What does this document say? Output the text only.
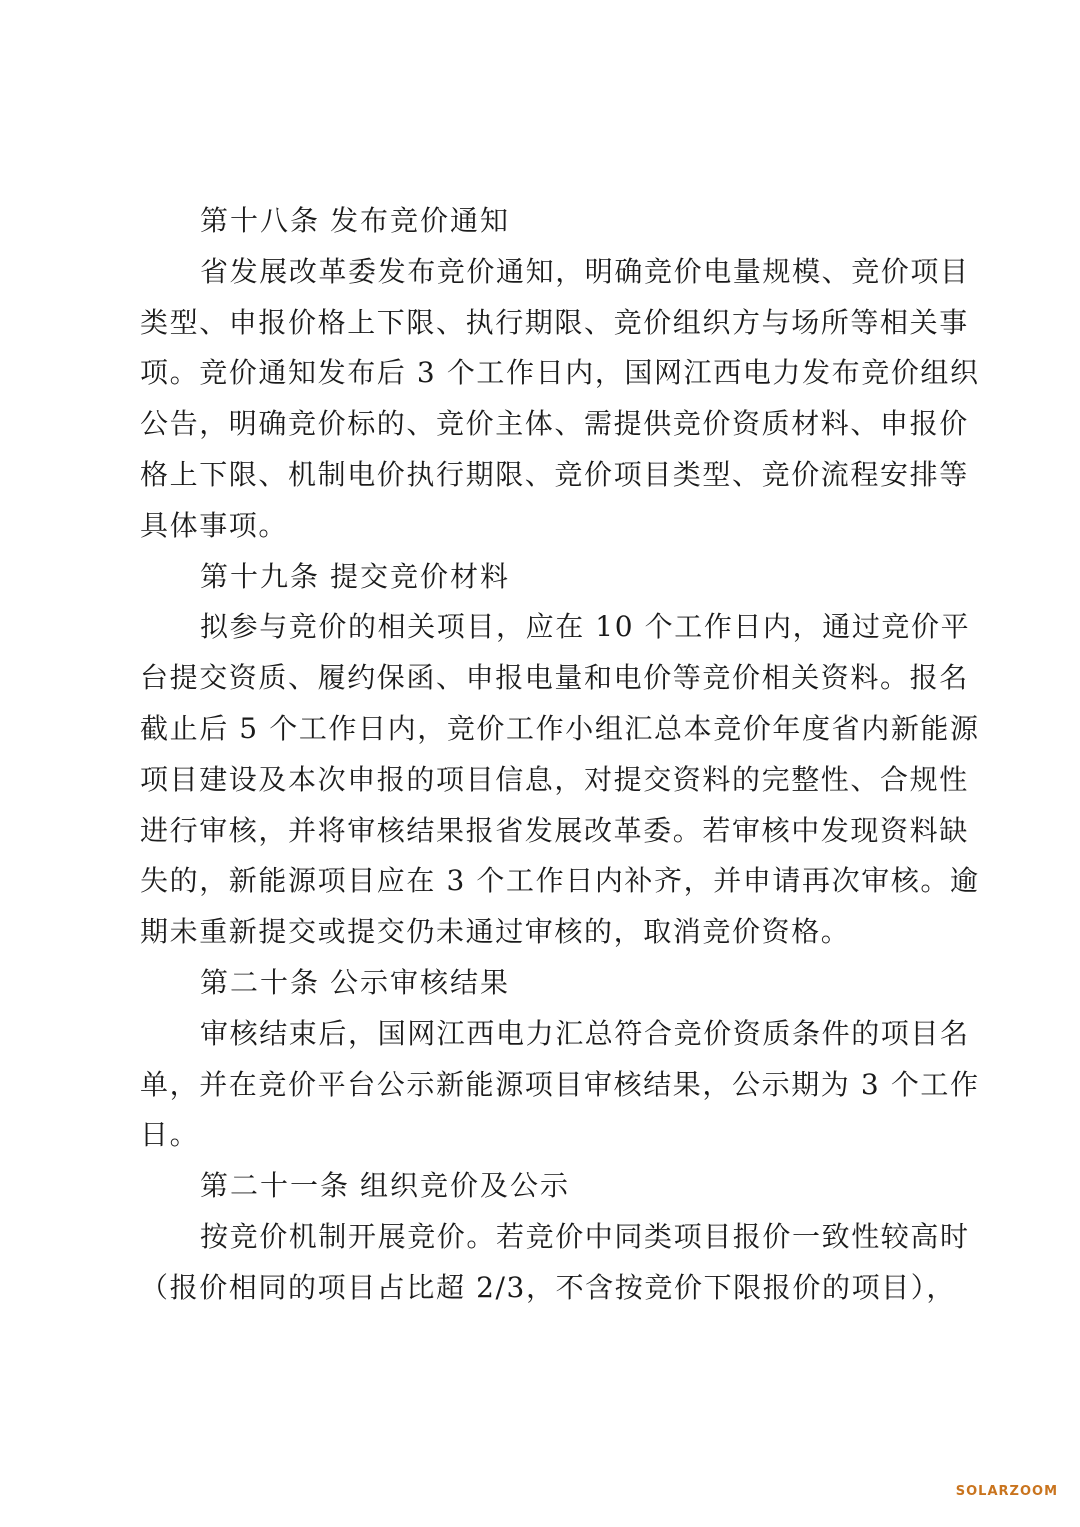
第十八条 发布竞价通知
省发展改革委发布竞价通知，明确竞价电量规模、竞价项目
类型、申报价格上下限、执行期限、竞价组织方与场所等相关事
项。竞价通知发布后 3 个工作日内，国网江西电力发布竞价组织
公告，明确竞价标的、竞价主体、需提供竞价资质材料、申报价
格上下限、机制电价执行期限、竞价项目类型、竞价流程安排等
具体事项。
第十九条 提交竞价材料
拟参与竞价的相关项目，应在 10 个工作日内，通过竞价平
台提交资质、履约保函、申报电量和电价等竞价相关资料。报名
截止后 5 个工作日内，竞价工作小组汇总本竞价年度省内新能源
项目建设及本次申报的项目信息，对提交资料的完整性、合规性
进行审核，并将审核结果报省发展改革委。若审核中发现资料缺
失的，新能源项目应在 3 个工作日内补齐，并申请再次审核。逾
期未重新提交或提交仍未通过审核的，取消竞价资格。
第二十条 公示审核结果
审核结束后，国网江西电力汇总符合竞价资质条件的项目名
单，并在竞价平台公示新能源项目审核结果，公示期为 3 个工作
日。
第二十一条 组织竞价及公示
按竞价机制开展竞价。若竞价中同类项目报价一致性较高时
（报价相同的项目占比超 2/3，不含按竞价下限报价的项目），
SOLARZOOM
